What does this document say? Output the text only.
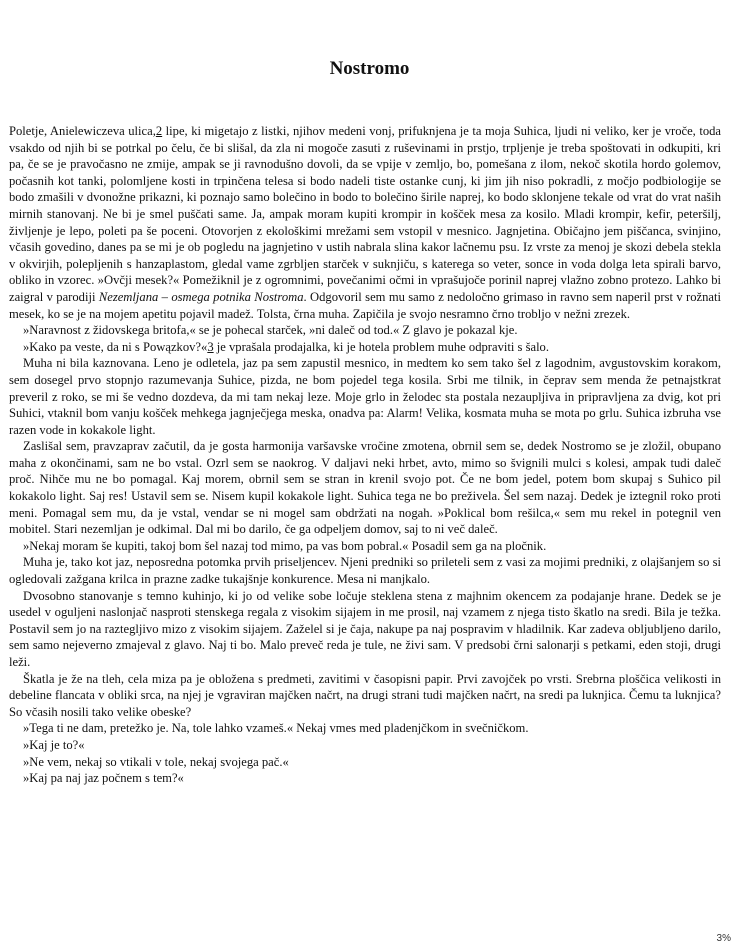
Nostromo

Poletje, Anielewiczeva ulica,2 lipe, ki migetajo z listki, njihov medeni vonj, prifuknjena je ta moja Suhica, ljudi ni veliko, ker je vroče, toda vsakdo od njih bi se potrkal po čelu, če bi slišal, da zla ni mogoče zasuti z ruševinami in prstjo, trpljenje je treba spoštovati in odkupiti, kri pa, če se je pravočasno ne zmije, ampak se ji ravnodušno dovoli, da se vpije v zemljo, bo, pomešana z ilom, nekoč skotila hordo golemov, počasnih kot tanki, polomljene kosti in trpinčena telesa si bodo nadeli tiste ostanke cunj, ki jim jih niso pokradli, z močjo podbiologije se bodo zmašili v dvonožne prikazni, ki poznajo samo bolečino in bodo to bolečino širile naprej, ko bodo sklonjene tekale od vrat do vrat naših mirnih stanovanj. Ne bi je smel puščati same. Ja, ampak moram kupiti krompir in košček mesa za kosilo. Mladi krompir, kefir, peteršilj, življenje je lepo, poleti pa še poceni. Otovorjen z ekološkimi mrežami sem vstopil v mesnico. Jagnjetina. Običajno jem piščanca, svinjino, včasih govedino, danes pa se mi je ob pogledu na jagnjetino v ustih nabrala slina kakor lačnemu psu. Iz vrste za menoj je skozi debela stekla v okvirjih, polepljenih s hanzaplastom, gledal vame zgrbljen starček v suknjiču, s katerega so veter, sonce in voda dolga leta spirali barvo, obliko in vzorec. »Ovčji mesek?« Pomežiknil je z ogromnimi, povečanimi očmi in vprašujoče porinil naprej vlažno zobno protezo. Lahko bi zaigral v parodiji Nezemljana – osmega potnika Nostroma. Odgovoril sem mu samo z nedoločno grimaso in ravno sem naperil prst v rožnati mesek, ko se je na mojem apetitu pojavil madež. Tolsta, črna muha. Zapičila je svojo nesramno črno trobljo v nežni zrezek.

»Naravnost z židovskega britofa,« se je pohecal starček, »ni daleč od tod.« Z glavo je pokazal kje.

»Kako pa veste, da ni s Powązkov?«3 je vprašala prodajalka, ki je hotela problem muhe odpraviti s šalo.

Muha ni bila kaznovana. Leno je odletela, jaz pa sem zapustil mesnico, in medtem ko sem tako šel z lagodnim, avgustovskim korakom, sem dosegel prvo stopnjo razumevanja Suhice, pizda, ne bom pojedel tega kosila. Srbi me tilnik, in čeprav sem menda že petnajstkrat preveril z roko, se mi še vedno dozdeva, da mi tam nekaj leze. Moje grlo in želodec sta postala nezaupljiva in pripravljena za dvig, kot pri Suhici, vtaknil bom vanju košček mehkega jagnječjega meska, onadva pa: Alarm! Velika, kosmata muha se mota po grlu. Suhica izbruha vse razen vode in kokakole light.

Zaslišal sem, pravzaprav začutil, da je gosta harmonija varšavske vročine zmotena, obrnil sem se, dedek Nostromo se je zložil, obupano maha z okončinami, sam ne bo vstal. Ozrl sem se naokrog. V daljavi neki hrbet, avto, mimo so švignili mulci s kolesi, ampak tudi daleč proč. Nihče mu ne bo pomagal. Kaj morem, obrnil sem se stran in krenil svojo pot. Če ne bom jedel, potem bom skupaj s Suhico pil kokakolo light. Saj res! Ustavil sem se. Nisem kupil kokakole light. Suhica tega ne bo preživela. Šel sem nazaj. Dedek je iztegnil roko proti meni. Pomagal sem mu, da je vstal, vendar se ni mogel sam obdržati na nogah. »Poklical bom rešilca,« sem mu rekel in potegnil ven mobitel. Stari nezemljan je odkimal. Dal mi bo darilo, če ga odpeljem domov, saj to ni več daleč.

»Nekaj moram še kupiti, takoj bom šel nazaj tod mimo, pa vas bom pobral.« Posadil sem ga na pločnik.

Muha je, tako kot jaz, neposredna potomka prvih priseljencev. Njeni predniki so prileteli sem z vasi za mojimi predniki, z olajšanjem so si ogledovali zažgana krilca in prazne zadke tukajšnje konkurence. Mesa ni manjkalo.

Dvosobno stanovanje s temno kuhinjo, ki jo od velike sobe ločuje steklena stena z majhnim okencem za podajanje hrane. Dedek se je usedel v oguljeni naslonjač nasproti stenskega regala z visokim sijajem in me prosil, naj vzamem z njega tisto škatlo na sredi. Bila je težka. Postavil sem jo na raztegljivo mizo z visokim sijajem. Zaželel si je čaja, nakupe pa naj pospravim v hladilnik. Kar zadeva obljubljeno darilo, sem samo nejeverno zmajeval z glavo. Naj ti bo. Malo preveč reda je tule, ne živi sam. V predsobi črni salonarji s petkami, eden stoji, drugi leži.

Škatla je že na tleh, cela miza pa je obložena s predmeti, zavitimi v časopisni papir. Prvi zavojček po vrsti. Srebrna ploščica velikosti in debeline flancata v obliki srca, na njej je vgraviran majčken načrt, na drugi strani tudi majčken načrt, na sredi pa luknjica. Čemu ta luknjica? So včasih nosili tako velike obeske?

»Tega ti ne dam, pretežko je. Na, tole lahko vzameš.« Nekaj vmes med pladenjčkom in svečničkom.

»Kaj je to?«

»Ne vem, nekaj so vtikali v tole, nekaj svojega pač.«

»Kaj pa naj jaz počnem s tem?«

3%
